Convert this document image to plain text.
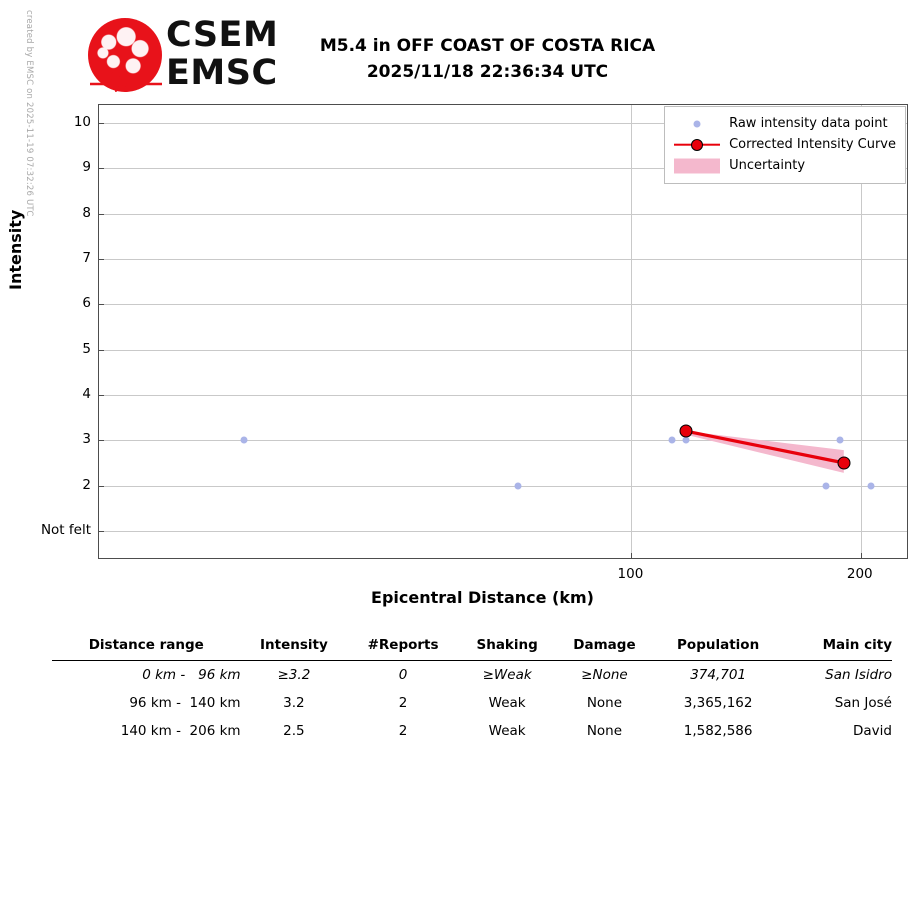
created by EMSC on 2025-11-19 07:32:26 UTC	CSEM
EMSC
M5.4 in OFF COAST OF COSTA RICA
2025/11/18 22:36:34 UTC
Intensity
Epicentral Distance (km)
Raw intensity data point
Corrected Intensity Curve
Uncertainty
Distance range	Intensity	#Reports	Shaking	Damage	Population	Main city
0 km -   96 km	≥3.2	0	≥Weak	≥None	374,701	San Isidro
96 km -  140 km	3.2	2	Weak	None	3,365,162	San José
140 km -  206 km	2.5	2	Weak	None	1,582,586	David
Not felt
2
3
4
5
6
7
8
9
10
100	200
